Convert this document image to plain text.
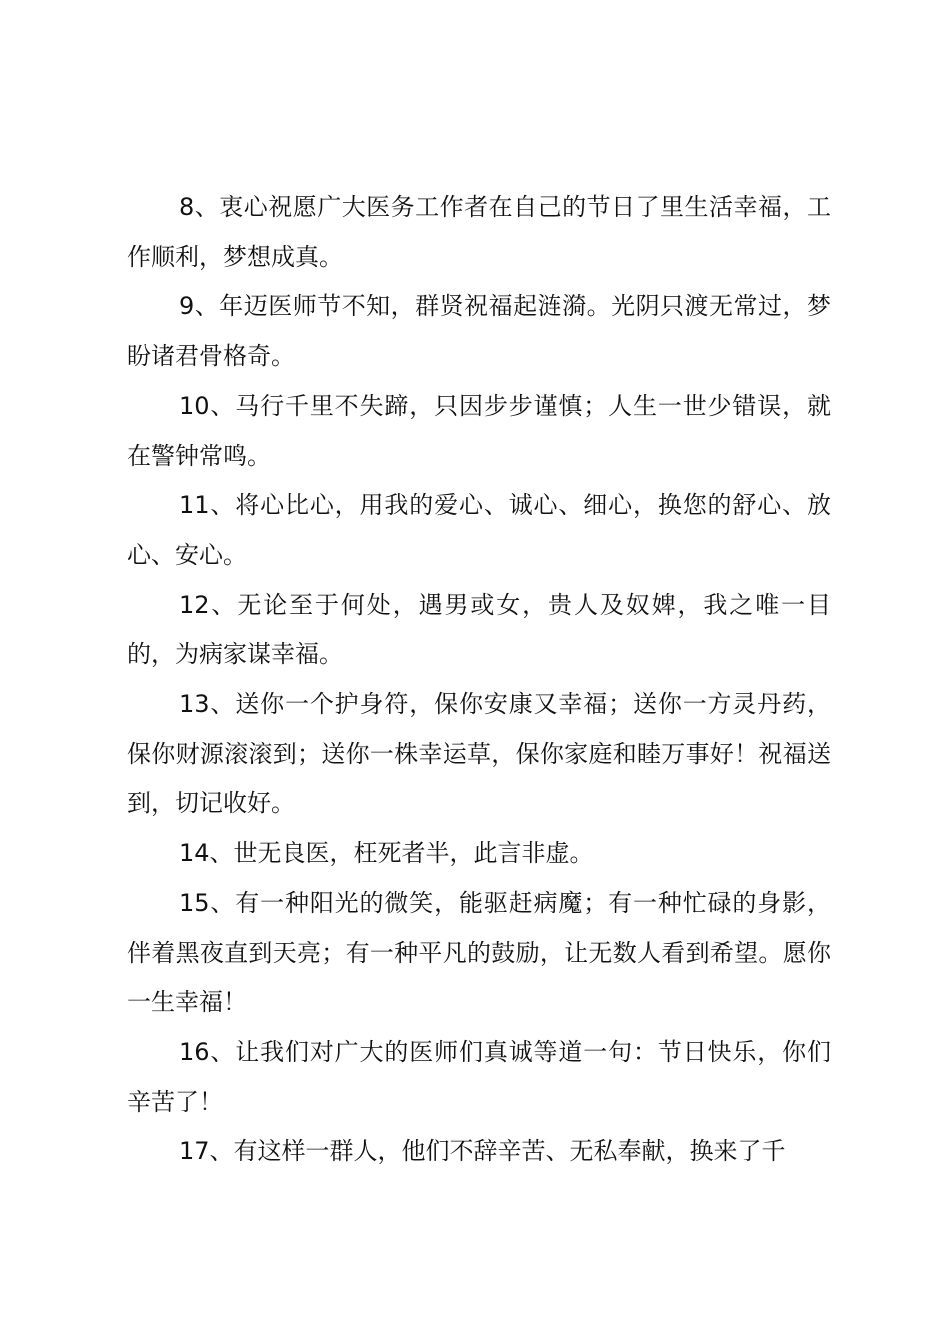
8、衷心祝愿广大医务工作者在自己的节日了里生活幸福，工作顺利，梦想成真。

9、年迈医师节不知，群贤祝福起涟漪。光阴只渡无常过，梦盼诸君骨格奇。

10、马行千里不失蹄，只因步步谨慎；人生一世少错误，就在警钟常鸣。

11、将心比心，用我的爱心、诚心、细心，换您的舒心、放心、安心。

12、无论至于何处，遇男或女，贵人及奴婢，我之唯一目的，为病家谋幸福。

13、送你一个护身符，保你安康又幸福；送你一方灵丹药，保你财源滚滚到；送你一株幸运草，保你家庭和睦万事好！祝福送到，切记收好。

14、世无良医，枉死者半，此言非虚。

15、有一种阳光的微笑，能驱赶病魔；有一种忙碌的身影，伴着黑夜直到天亮；有一种平凡的鼓励，让无数人看到希望。愿你一生幸福！

16、让我们对广大的医师们真诚等道一句：节日快乐，你们辛苦了！

17、有这样一群人，他们不辞辛苦、无私奉献，换来了千
